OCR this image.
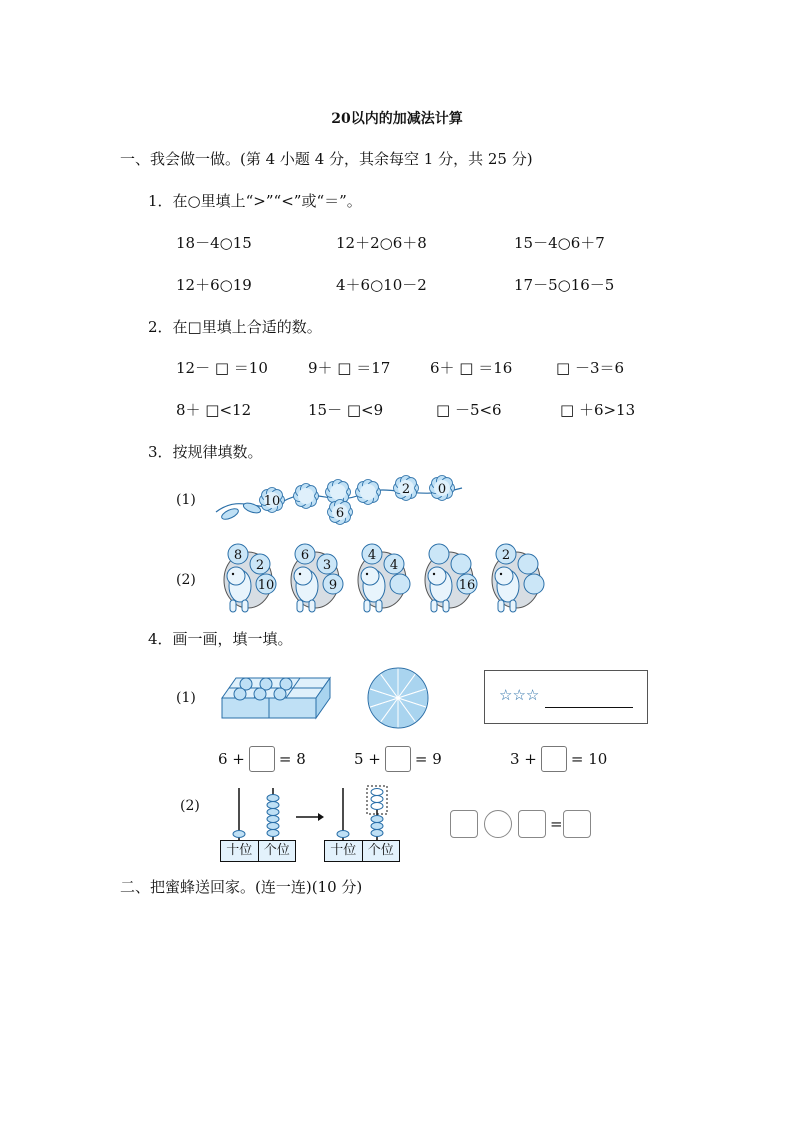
20以内的加减法计算
一、我会做一做。(第 4 小题 4 分，其余每空 1 分，共 25 分)
1．在○里填上“>”“<”或“＝”。
18－4○15	12＋2○6＋8	15－4○6＋7
12＋6○19	4＋6○10－2	17－5○16－5
2．在□里填上合适的数。
12－ □ ＝10	9＋ □ ＝17	6＋ □ ＝16	□ －3＝6
8＋ □<12	15－ □<9	□ －5<6	□ ＋6>13
3．按规律填数。
(1)	10
6
2 0
(2)
8
2
10
6
3
9
4
4
16
2
4．画一画，填一填。
(1)	☆☆☆
6 + = 8	5 + = 9	3 + = 10
(2)
十位 个位	十位 个位
=
二、把蜜蜂送回家。(连一连)(10 分)
